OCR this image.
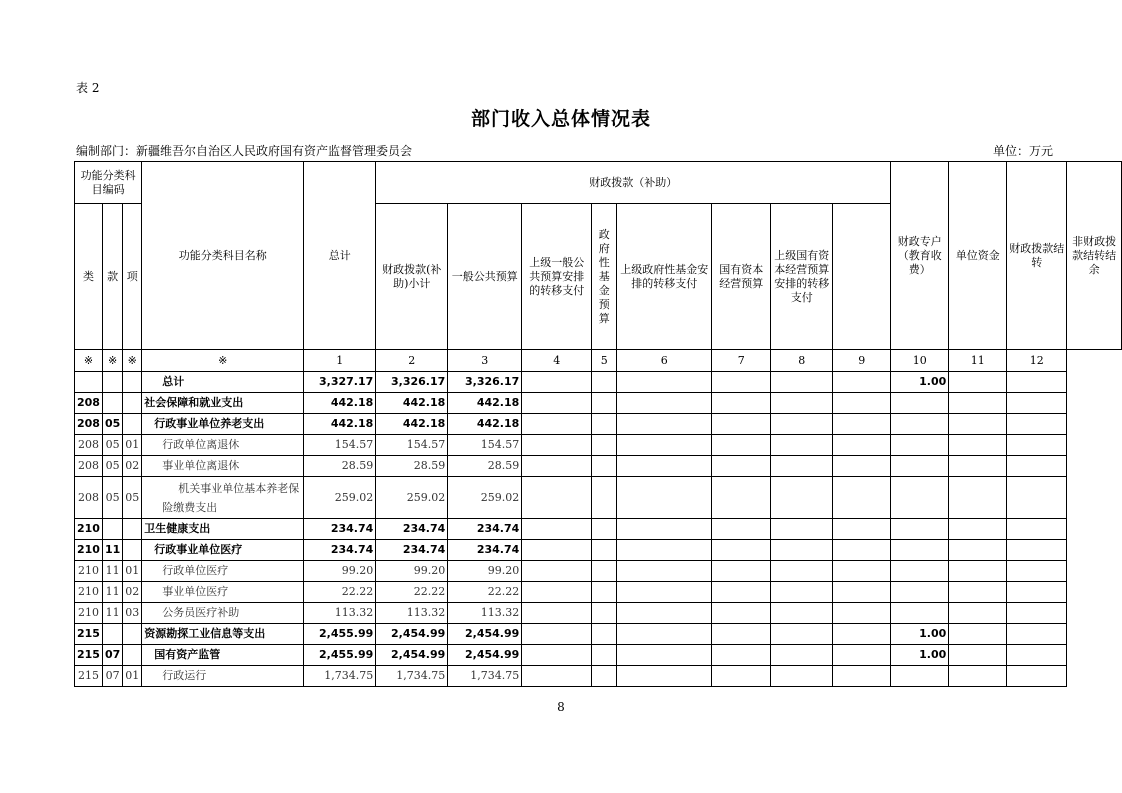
表 2
部门收入总体情况表
编制部门：新疆维吾尔自治区人民政府国有资产监督管理委员会	单位：万元
功能分类科目编码			功能分类科目名称	总计	财政拨款（补助）								财政专户（教育收费）	单位资金	财政拨款结转	非财政拨款结转结余
类	款	项			财政拨款(补助)小计	一般公共预算	上级一般公共预算安排的转移支付	政府性基金预算	上级政府性基金安排的转移支付	国有资本经营预算	上级国有资本经营预算安排的转移支付					
※	※	※	※	1	2	3	4	5	6	7	8	9	10	11	12	
			总计	3,327.17	3,326.17	3,326.17							1.00			
208			社会保障和就业支出	442.18	442.18	442.18										
208	05		行政事业单位养老支出	442.18	442.18	442.18										
208	05	01	行政单位离退休	154.57	154.57	154.57										
208	05	02	事业单位离退休	28.59	28.59	28.59										
208	05	05	机关事业单位基本养老保险缴费支出	259.02	259.02	259.02										
210			卫生健康支出	234.74	234.74	234.74										
210	11		行政事业单位医疗	234.74	234.74	234.74										
210	11	01	行政单位医疗	99.20	99.20	99.20										
210	11	02	事业单位医疗	22.22	22.22	22.22										
210	11	03	公务员医疗补助	113.32	113.32	113.32										
215			资源勘探工业信息等支出	2,455.99	2,454.99	2,454.99							1.00			
215	07		国有资产监管	2,455.99	2,454.99	2,454.99							1.00			
215	07	01	行政运行	1,734.75	1,734.75	1,734.75										
8
